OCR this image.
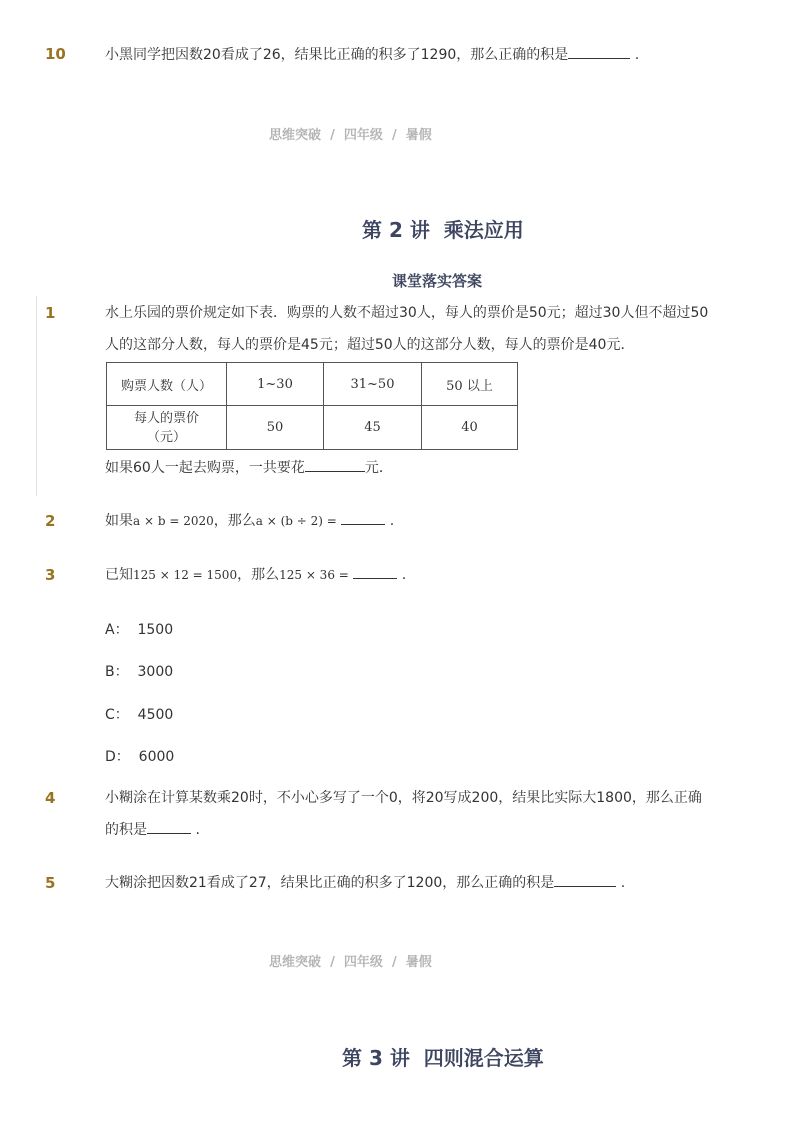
10	小黑同学把因数20看成了26，结果比正确的积多了1290，那么正确的积是	.
思维突破 / 四年级 / 暑假
第 2 讲  乘法应用
课堂落实答案
1	水上乐园的票价规定如下表．购票的人数不超过30人，每人的票价是50元；超过30人但不超过50
人的这部分人数，每人的票价是45元；超过50人的这部分人数，每人的票价是40元．
购票人数（人）	1~30	31~50	50 以上

每人的票价
（元）	50	45	40
如果60人一起去购票，一共要花	元．
2	如果a × b = 2020，那么a × (b ÷ 2) =	.
3	已知125 × 12 = 1500，那么125 × 36 =	.
A：  1500
B：  3000
C：  4500
D：  6000
4	小糊涂在计算某数乘20时，不小心多写了一个0，将20写成200，结果比实际大1800，那么正确
的积是	.
5	大糊涂把因数21看成了27，结果比正确的积多了1200，那么正确的积是	.
思维突破 / 四年级 / 暑假
第 3 讲  四则混合运算
